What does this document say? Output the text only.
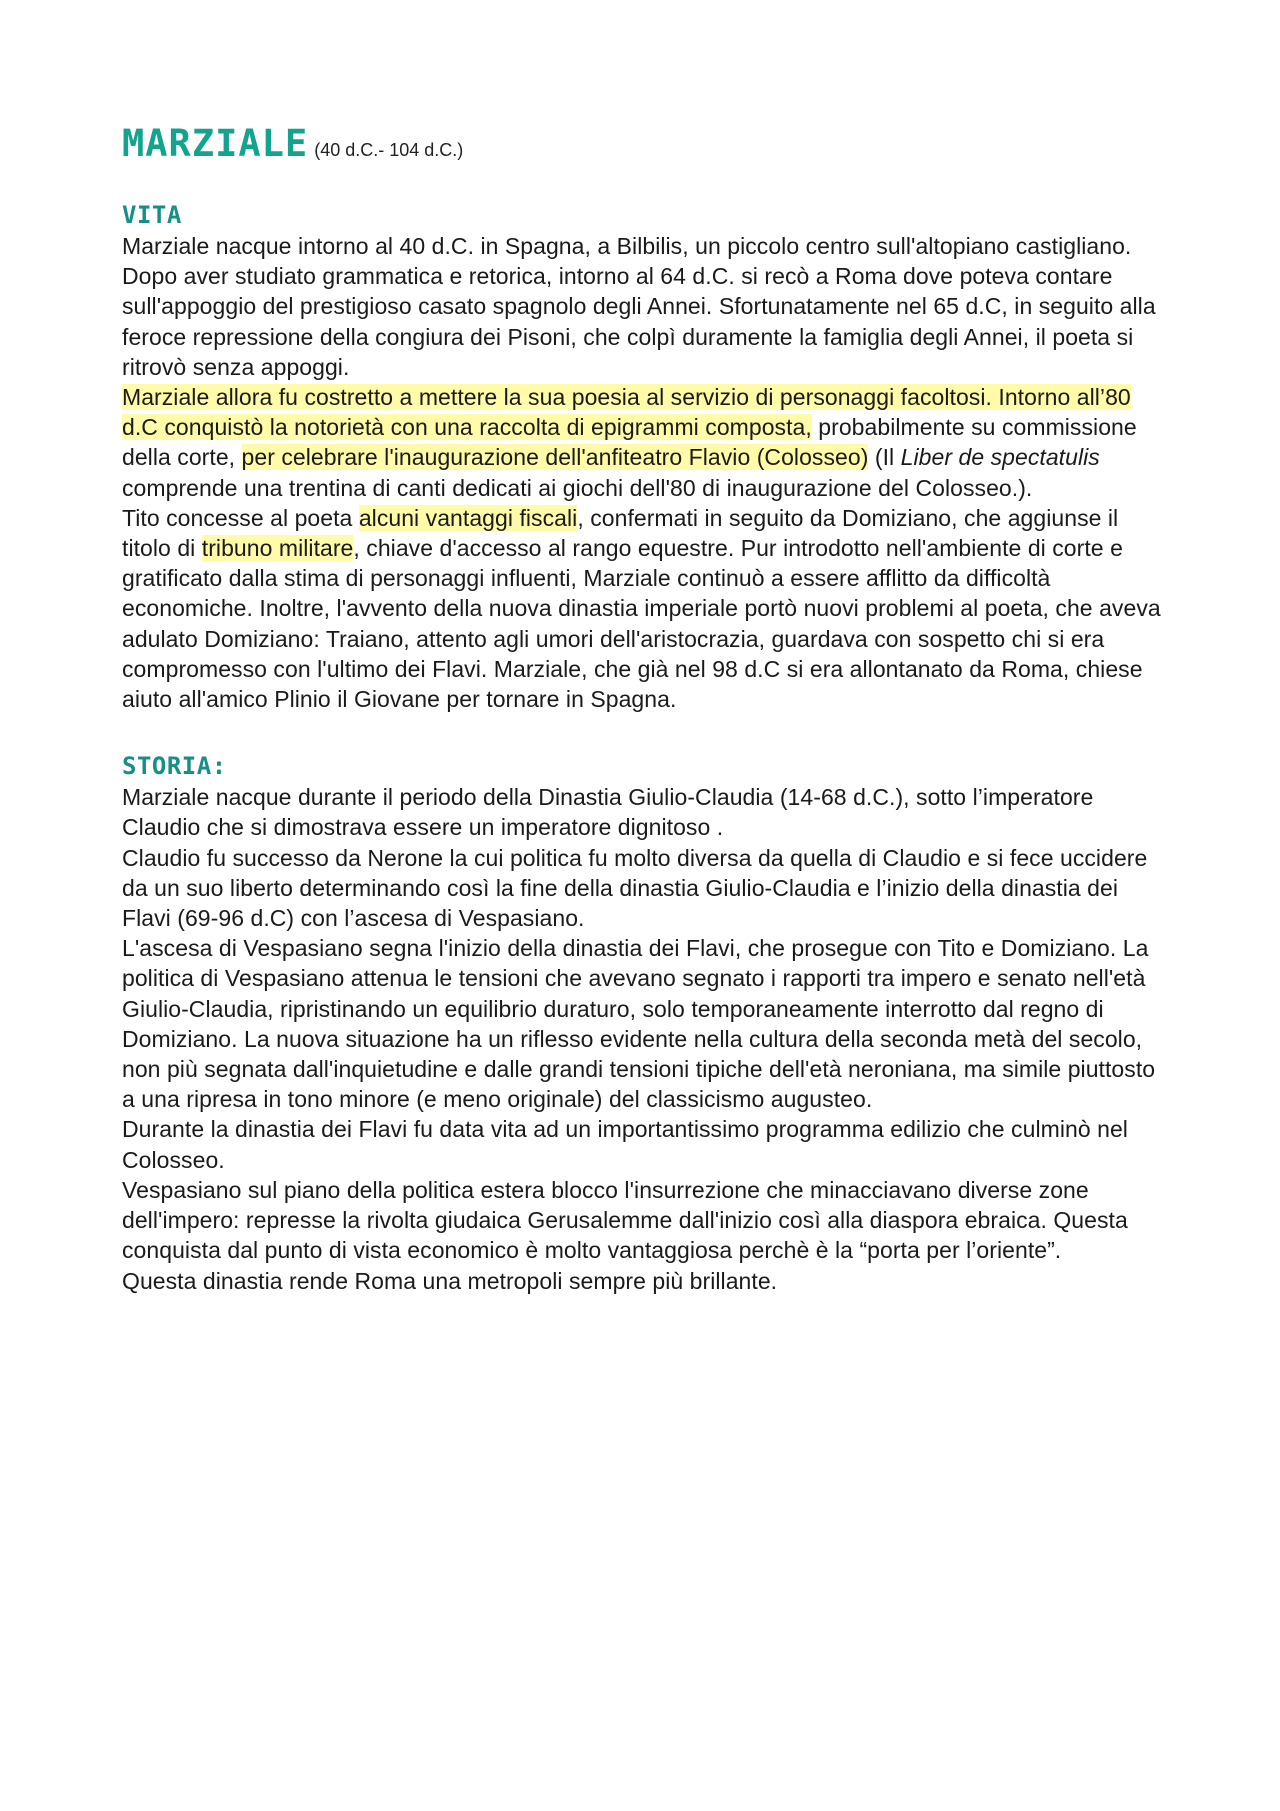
MARZIALE (40 d.C.- 104 d.C.)
VITA

Marziale nacque intorno al 40 d.C. in Spagna, a Bilbilis, un piccolo centro sull'altopiano castigliano. Dopo aver studiato grammatica e retorica, intorno al 64 d.C. si recò a Roma dove poteva contare sull'appoggio del prestigioso casato spagnolo degli Annei. Sfortunatamente nel 65 d.C, in seguito alla feroce repressione della congiura dei Pisoni, che colpì duramente la famiglia degli Annei, il poeta si ritrovò senza appoggi.

Marziale allora fu costretto a mettere la sua poesia al servizio di personaggi facoltosi. Intorno all’80 d.C conquistò la notorietà con una raccolta di epigrammi composta, probabilmente su commissione della corte, per celebrare l'inaugurazione dell'anfiteatro Flavio (Colosseo) (Il Liber de spectatulis comprende una trentina di canti dedicati ai giochi dell'80 di inaugurazione del Colosseo.).

Tito concesse al poeta alcuni vantaggi fiscali, confermati in seguito da Domiziano, che aggiunse il titolo di tribuno militare, chiave d'accesso al rango equestre. Pur introdotto nell'ambiente di corte e gratificato dalla stima di personaggi influenti, Marziale continuò a essere afflitto da difficoltà economiche. Inoltre, l'avvento della nuova dinastia imperiale portò nuovi problemi al poeta, che aveva adulato Domiziano: Traiano, attento agli umori dell'aristocrazia, guardava con sospetto chi si era compromesso con l'ultimo dei Flavi. Marziale, che già nel 98 d.C si era allontanato da Roma, chiese aiuto all'amico Plinio il Giovane per tornare in Spagna.

STORIA:

Marziale nacque durante il periodo della Dinastia Giulio-Claudia (14-68 d.C.), sotto l’imperatore Claudio che si dimostrava essere un imperatore dignitoso .

Claudio fu successo da Nerone la cui politica fu molto diversa da quella di Claudio e si fece uccidere da un suo liberto determinando così la fine della dinastia Giulio-Claudia e l’inizio della dinastia dei Flavi (69-96 d.C) con l’ascesa di Vespasiano.

L'ascesa di Vespasiano segna l'inizio della dinastia dei Flavi, che prosegue con Tito e Domiziano. La politica di Vespasiano attenua le tensioni che avevano segnato i rapporti tra impero e senato nell'età Giulio-Claudia, ripristinando un equilibrio duraturo, solo temporaneamente interrotto dal regno di Domiziano. La nuova situazione ha un riflesso evidente nella cultura della seconda metà del secolo, non più segnata dall'inquietudine e dalle grandi tensioni tipiche dell'età neroniana, ma simile piuttosto a una ripresa in tono minore (e meno originale) del classicismo augusteo.

Durante la dinastia dei Flavi fu data vita ad un importantissimo programma edilizio che culminò nel Colosseo.

Vespasiano sul piano della politica estera blocco l'insurrezione che minacciavano diverse zone dell'impero: represse la rivolta giudaica Gerusalemme dall'inizio così alla diaspora ebraica. Questa conquista dal punto di vista economico è molto vantaggiosa perchè è la “porta per l’oriente”.

Questa dinastia rende Roma una metropoli sempre più brillante.
